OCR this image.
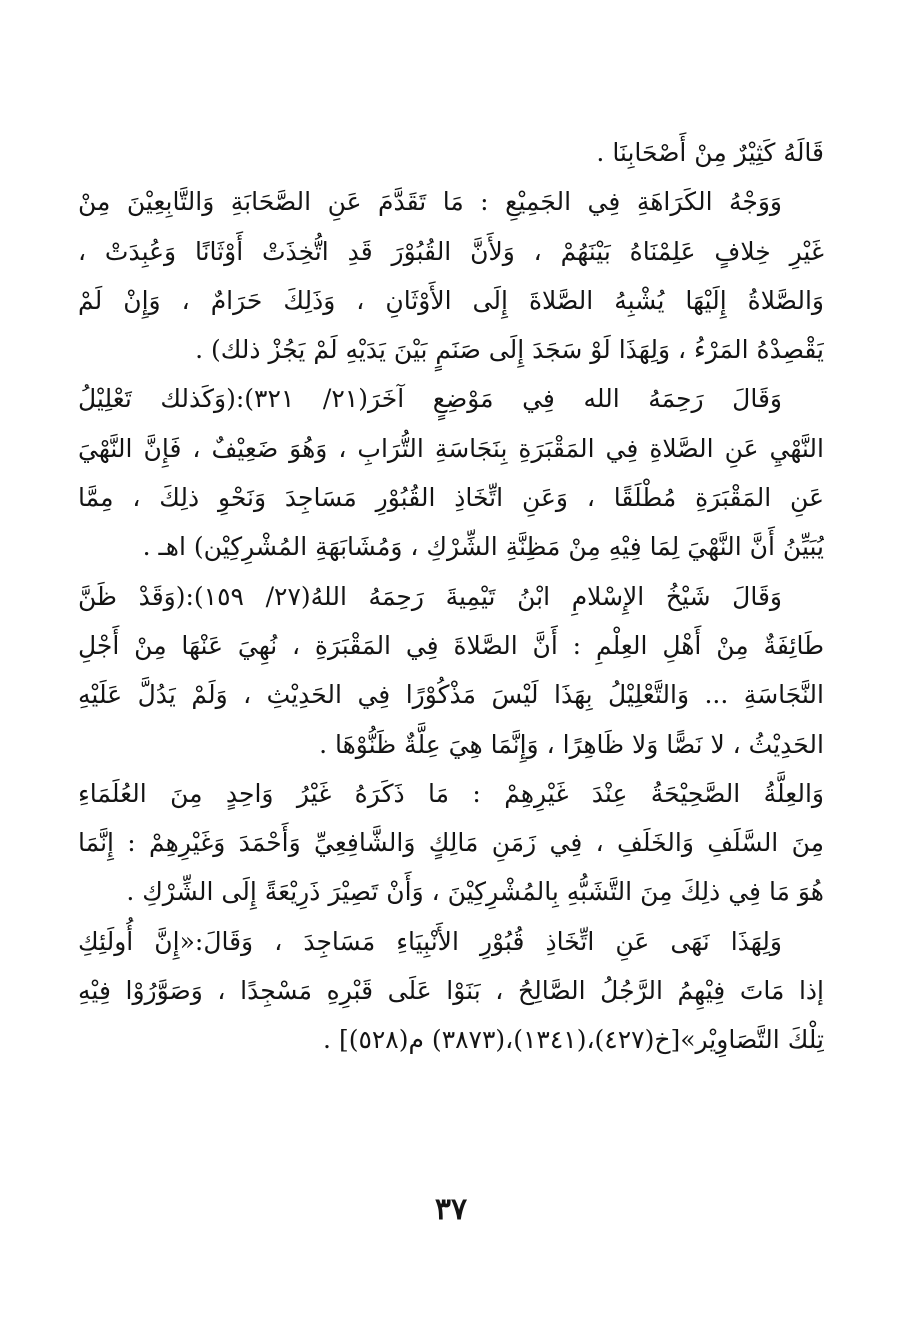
قَالَهُ كَثِيْرٌ مِنْ أَصْحَابِنَا .
وَوَجْهُ الكَرَاهَةِ فِي الجَمِيْعِ : مَا تَقَدَّمَ عَنِ الصَّحَابَةِ وَالتَّابِعِيْنَ مِنْ
غَيْرِ خِلافٍ عَلِمْنَاهُ بَيْنَهُمْ ، وَلأَنَّ القُبُوْرَ قَدِ اتُّخِذَتْ أَوْثَانًا وَعُبِدَتْ ،
وَالصَّلاةُ إِلَيْهَا يُشْبِهُ الصَّلاةَ إِلَى الأَوْثَانِ ، وَذَلِكَ حَرَامٌ ، وَإِنْ لَمْ
يَقْصِدْهُ المَرْءُ ، وَلِهَذَا لَوْ سَجَدَ إِلَى صَنَمٍ بَيْنَ يَدَيْهِ لَمْ يَجُزْ ذلك) .
وَقَالَ رَحِمَهُ الله فِي مَوْضِعٍ آخَرَ(٢١/ ٣٢١):(وَكَذلك تَعْلِيْلُ
النَّهْيِ عَنِ الصَّلاةِ فِي المَقْبَرَةِ بِنَجَاسَةِ التُّرَابِ ، وَهُوَ ضَعِيْفٌ ، فَإِنَّ النَّهْيَ
عَنِ المَقْبَرَةِ مُطْلَقًا ، وَعَنِ اتِّخَاذِ القُبُوْرِ مَسَاجِدَ وَنَحْوِ ذلِكَ ، مِمَّا
يُبَيِّنُ أَنَّ النَّهْيَ لِمَا فِيْهِ مِنْ مَظِنَّةِ الشِّرْكِ ، وَمُشَابَهَةِ المُشْرِكِيْن) اهـ .
وَقَالَ شَيْخُ الإِسْلامِ ابْنُ تَيْمِيةَ رَحِمَهُ اللهُ(٢٧/ ١٥٩):(وَقَدْ ظَنَّ
طَائِفَةٌ مِنْ أَهْلِ العِلْمِ : أَنَّ الصَّلاةَ فِي المَقْبَرَةِ ، نُهِيَ عَنْهَا مِنْ أَجْلِ
النَّجَاسَةِ ... وَالتَّعْلِيْلُ بِهَذَا لَيْسَ مَذْكُوْرًا فِي الحَدِيْثِ ، وَلَمْ يَدُلَّ عَلَيْهِ
الحَدِيْثُ ، لا نَصًّا وَلا ظَاهِرًا ، وَإِنَّمَا هِيَ عِلَّةٌ ظَنُّوْهَا .
وَالعِلَّةُ الصَّحِيْحَةُ عِنْدَ غَيْرِهِمْ : مَا ذَكَرَهُ غَيْرُ وَاحِدٍ مِنَ العُلَمَاءِ
مِنَ السَّلَفِ وَالخَلَفِ ، فِي زَمَنِ مَالِكٍ وَالشَّافِعِيِّ وَأَحْمَدَ وَغَيْرِهِمْ : إِنَّمَا
هُوَ مَا فِي ذلِكَ مِنَ التَّشَبُّهِ بِالمُشْرِكِيْنَ ، وَأَنْ تَصِيْرَ ذَرِيْعَةً إِلَى الشِّرْكِ .
وَلِهَذَا نَهَى عَنِ اتِّخَاذِ قُبُوْرِ الأَنْبِيَاءِ مَسَاجِدَ ، وَقَالَ:«إِنَّ أُولَئِكِ
إذا مَاتَ فِيْهِمُ الرَّجُلُ الصَّالِحُ ، بَنَوْا عَلَى قَبْرِهِ مَسْجِدًا ، وَصَوَّرُوْا فِيْهِ
تِلْكَ التَّصَاوِيْر»[خ(٤٢٧)،(١٣٤١)،(٣٨٧٣) م(٥٢٨)] .
٣٧
